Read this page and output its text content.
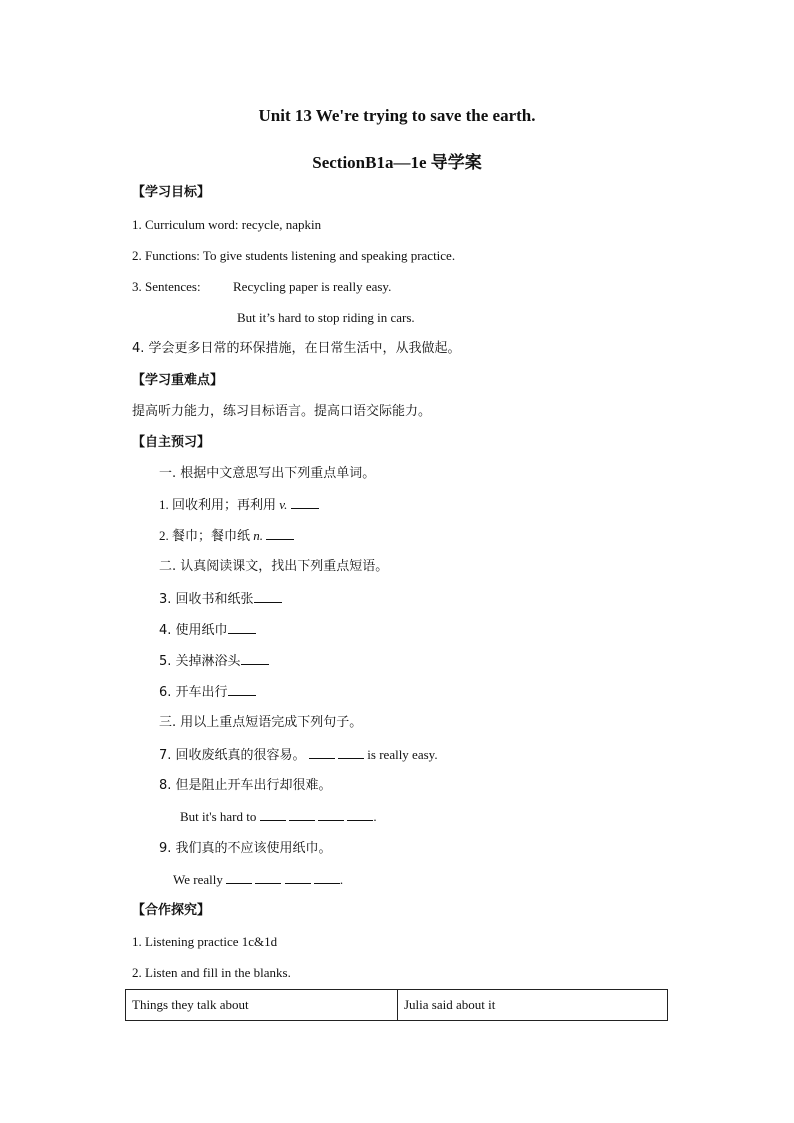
Unit 13 We're trying to save the earth.
SectionB1a—1e 导学案
【学习目标】
1. Curriculum word: recycle, napkin
2. Functions: To give students listening and speaking practice.
3. Sentences: Recycling paper is really easy.
But it’s hard to stop riding in cars.
4. 学会更多日常的环保措施，在日常生活中，从我做起。
【学习重难点】
提高听力能力，练习目标语言。提高口语交际能力。
【自主预习】
一. 根据中文意思写出下列重点单词。
1. 回收利用；再利用 v.
2. 餐巾；餐巾纸 n.
二. 认真阅读课文，找出下列重点短语。
3. 回收书和纸张
4. 使用纸巾
5. 关掉淋浴头
6. 开车出行
三. 用以上重点短语完成下列句子。
7. 回收废纸真的很容易。	is really easy.
8. 但是阻止开车出行却很难。
But it's hard to	.
9. 我们真的不应该使用纸巾。
We really	.
【合作探究】
1. Listening practice 1c&1d
2. Listen and fill in the blanks.
Things they talk about	Julia said about it
